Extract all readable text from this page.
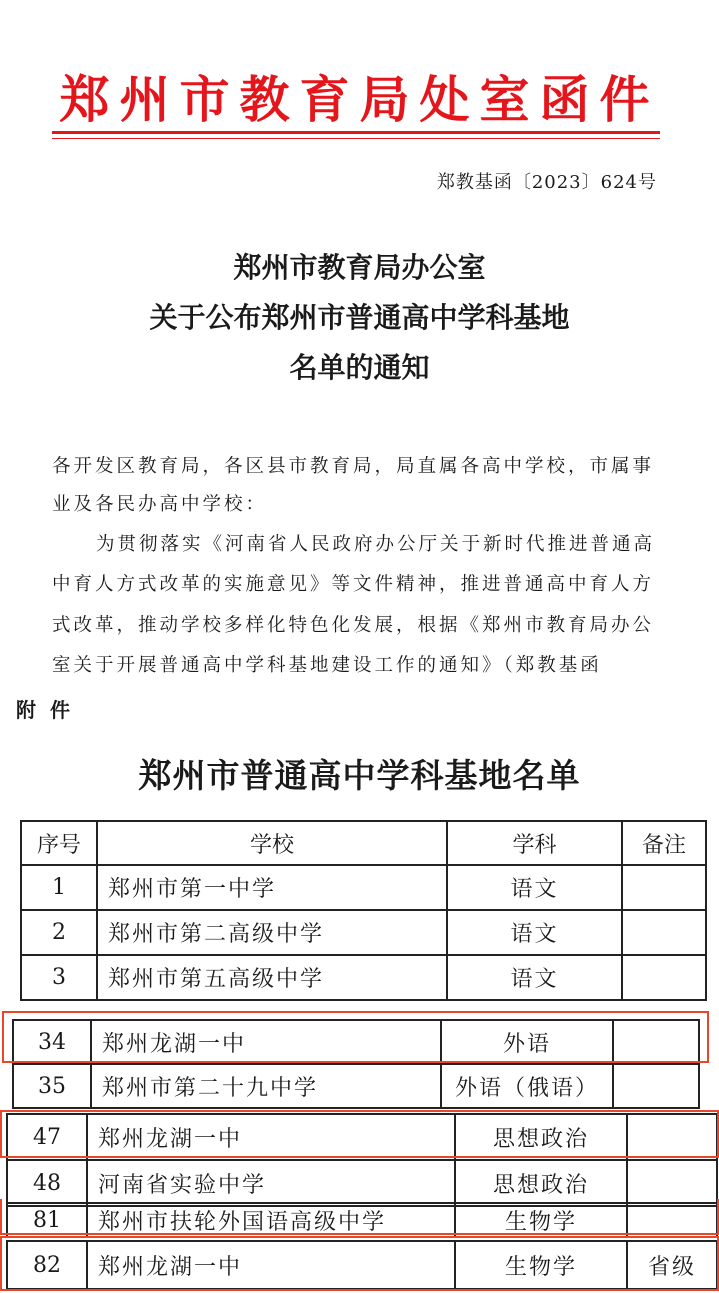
郑州市教育局处室函件
郑教基函〔2023〕624号
郑州市教育局办公室
关于公布郑州市普通高中学科基地
名单的通知
各开发区教育局，各区县市教育局，局直属各高中学校，市属事
业及各民办高中学校：
为贯彻落实《河南省人民政府办公厅关于新时代推进普通高
中育人方式改革的实施意见》等文件精神，推进普通高中育人方
式改革，推动学校多样化特色化发展，根据《郑州市教育局办公
室关于开展普通高中学科基地建设工作的通知》（郑教基函
附件
郑州市普通高中学科基地名单
序号	学校	学科	备注
1	郑州市第一中学	语文	
2	郑州市第二高级中学	语文	
3	郑州市第五高级中学	语文	
34	郑州龙湖一中	外语	
35	郑州市第二十九中学	外语（俄语）	
47	郑州龙湖一中	思想政治	
48	河南省实验中学	思想政治	
81	郑州市扶轮外国语高级中学	生物学	
82	郑州龙湖一中	生物学	省级
